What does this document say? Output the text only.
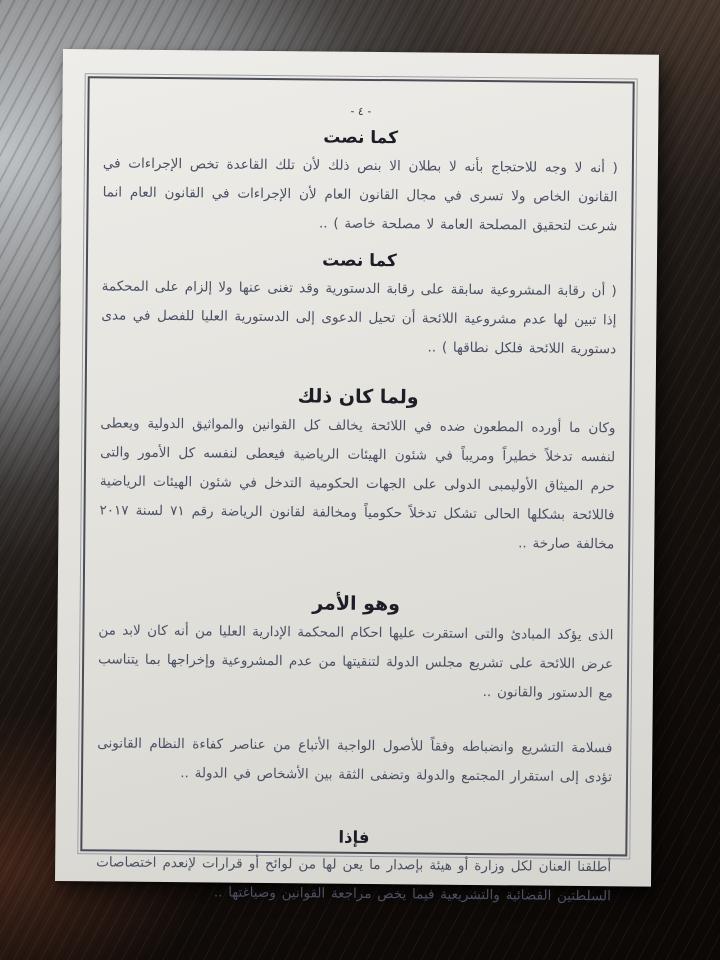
- ٤ -
كما نصت

( أنه لا وجه للاحتجاج بأنه لا بطلان الا بنص ذلك لأن تلك القاعدة تخص الإجراءات في القانون الخاص ولا تسرى في مجال القانون العام لأن الإجراءات في القانون العام انما شرعت لتحقيق المصلحة العامة لا مصلحة خاصة ) ..

كما نصت

( أن رقابة المشروعية سابقة على رقابة الدستورية وقد تغنى عنها ولا إلزام على المحكمة إذا تبين لها عدم مشروعية اللائحة أن تحيل الدعوى إلى الدستورية العليا للفصل في مدى دستورية اللائحة فلكل نطاقها ) ..

ولما كان ذلك

وكان ما أورده المطعون ضده في اللائحة يخالف كل القوانين والمواثيق الدولية ويعطى لنفسه تدخلاً خطيراً ومريباً في شئون الهيئات الرياضية فيعطى لنفسه كل الأمور والتى حرم الميثاق الأوليمبى الدولى على الجهات الحكومية التدخل في شئون الهيئات الرياضية فاللائحة بشكلها الحالى تشكل تدخلاً حكومياً ومخالفة لقانون الرياضة رقم ٧١ لسنة ٢٠١٧ مخالفة صارخة ..

وهو الأمر

الذى يؤكد المبادئ والتى استقرت عليها احكام المحكمة الإدارية العليا من أنه كان لابد من عرض اللائحة على تشريع مجلس الدولة لتنقيتها من عدم المشروعية وإخراجها بما يتناسب مع الدستور والقانون ..

فسلامة التشريع وانضباطه وفقاً للأصول الواجبة الأتباع من عناصر كفاءة النظام القانونى تؤدى إلى استقرار المجتمع والدولة وتضفى الثقة بين الأشخاص في الدولة ..

فإذا

أطلقنا العنان لكل وزارة أو هيئة بإصدار ما يعن لها من لوائح أو قرارات لإنعدم اختصاصات السلطتين القضائية والتشريعية فيما يخص مراجعة القوانين وصياغتها ..
